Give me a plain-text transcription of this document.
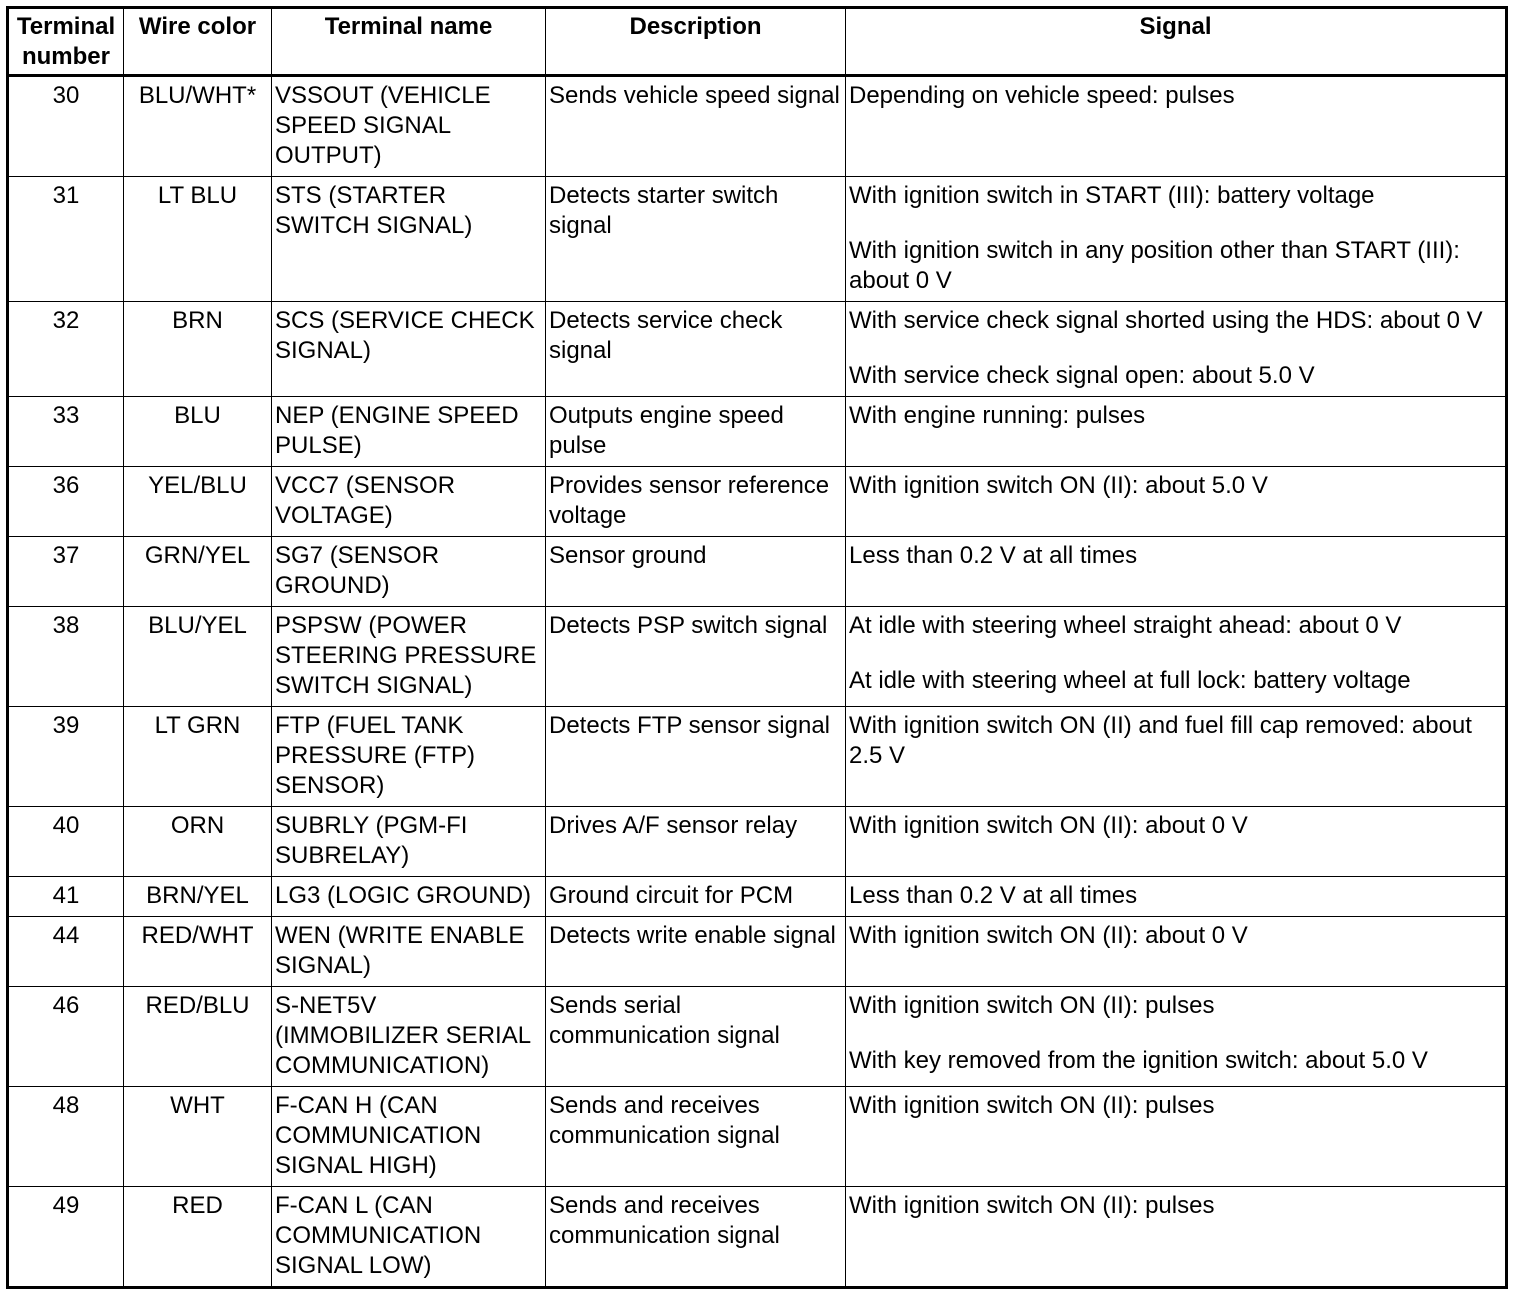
Terminal number	Wire color	Terminal name	Description	Signal
30	BLU/WHT*	VSSOUT (VEHICLE SPEED SIGNAL OUTPUT)	Sends vehicle speed signal	Depending on vehicle speed: pulses

31	LT BLU	STS (STARTER SWITCH SIGNAL)	Detects starter switch signal	With ignition switch in START (III): battery voltage
With ignition switch in any position other than START (III): about 0 V

32	BRN	SCS (SERVICE CHECK SIGNAL)	Detects service check signal	With service check signal shorted using the HDS: about 0 V
With service check signal open: about 5.0 V

33	BLU	NEP (ENGINE SPEED PULSE)	Outputs engine speed pulse	With engine running: pulses

36	YEL/BLU	VCC7 (SENSOR VOLTAGE)	Provides sensor reference voltage	With ignition switch ON (II): about 5.0 V

37	GRN/YEL	SG7 (SENSOR GROUND)	Sensor ground	Less than 0.2 V at all times

38	BLU/YEL	PSPSW (POWER STEERING PRESSURE SWITCH SIGNAL)	Detects PSP switch signal	At idle with steering wheel straight ahead: about 0 V
At idle with steering wheel at full lock: battery voltage

39	LT GRN	FTP (FUEL TANK PRESSURE (FTP) SENSOR)	Detects FTP sensor signal	With ignition switch ON (II) and fuel fill cap removed: about 2.5 V

40	ORN	SUBRLY (PGM-FI SUBRELAY)	Drives A/F sensor relay	With ignition switch ON (II): about 0 V

41	BRN/YEL	LG3 (LOGIC GROUND)	Ground circuit for PCM	Less than 0.2 V at all times

44	RED/WHT	WEN (WRITE ENABLE SIGNAL)	Detects write enable signal	With ignition switch ON (II): about 0 V

46	RED/BLU	S-NET5V (IMMOBILIZER SERIAL COMMUNICATION)	Sends serial communication signal	With ignition switch ON (II): pulses
With key removed from the ignition switch: about 5.0 V

48	WHT	F-CAN H (CAN COMMUNICATION SIGNAL HIGH)	Sends and receives communication signal	With ignition switch ON (II): pulses

49	RED	F-CAN L (CAN COMMUNICATION SIGNAL LOW)	Sends and receives communication signal	With ignition switch ON (II): pulses
